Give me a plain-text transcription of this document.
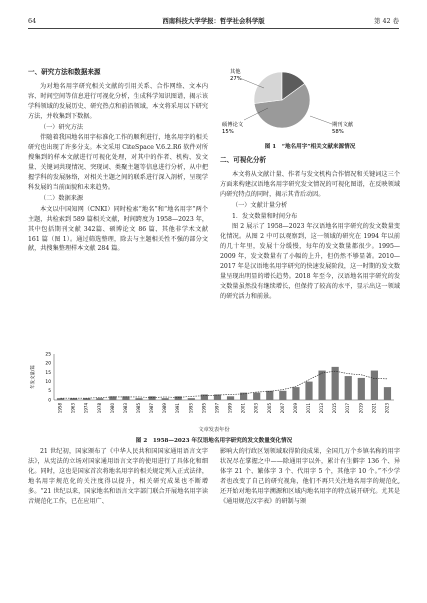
64	西南科技大学学报：哲学社会科学版	第 42 卷
一、研究方法和数据来源

为对地名用字研究相关文献的引用关系、合作网络、文本内容、时间空间等信息进行可视化分析，生成科学知识图谱，揭示该学科领域的发展历史、研究热点和前沿领域，本文将采用以下研究方法，并收集到下数据。

（一）研究方法

伴随着我国地名用字标准化工作的顺利进行，地名用字的相关研究也出现了许多分支。本文采用 CiteSpace V.6.2.R6 软件对所搜集到的样本文献进行可视化处理，对其中的作者、机构、发文量、关键词共现情况、突现词、类聚主题等信息进行分析，从中把握学科的发展脉络，对相关主题之间的联系进行深入剖析，呈现学科发展的当前面貌和未来趋势。

（二）数据来源

本文以中国知网（CNKI）同时检索“地名”和“地名用字”两个主题，共检索到 589 篇相关文献，时间跨度为 1958—2023 年，其中包括期刊文献 342篇、硕博论文 86 篇、其他非学术文献 161 篇（图 1）。通过筛选整理，除去与主题相关性不强的部分文献，共搜集整理样本文献 284 篇。

其他
27%
硕博论文
15%
期刊文献
58%
图 1　“地名用字”相关文献来源情况
二、可视化分析

本文将从文献计量、作者与发文机构合作情况和关键词这三个方面来构建汉语地名用字研究发文情况的可视化图谱，在反映领域内研究特点的同时，揭示其背后动因。

（一）文献计量分析
1．发文数量和时间分布

图 2 展示了 1958—2023 年汉语地名用字研究的发文数量变化情况。从图 2 中可以观察到，这一领域的研究在 1994 年以前的几十年里，发展十分缓慢，每年的发文数量都很少。1995—2009 年，发文数量有了小幅的上升，但仍然不够显著。2010—2017 年是汉语地名用字研究的快速发展阶段，这一时期的发文数量呈现出明显的增长趋势。2018 年至今，汉语地名用字研究的发文数量虽然没有继续增长，但保持了较高的水平，显示出这一领域的研究活力和前景。

0
5
10
15
20
25
年发文量/篇
1958 1963 1974 1978 1980 1983 1985 1987 1989 1991 1993 1995 1997 1999 2001 2003 2005 2007 2009 2011 2013 2015 2017 2019 2021 2023
文章发表年份
图 2　1958—2023 年汉语地名用字研究的发文数量变化情况

21 世纪初，国家颁布了《中华人民共和国国家通用语言文字法》，从宪法的立场对国家通用语言文字的使用进行了具体化和细化。同时，这也是国家首次将地名用字的相关规定列入正式法律，地名用字规范化的关注度得以提升，相关研究成果也不断增多。“21 世纪以来，国家地名和语言文字部门联合开展地名用字读音规范化工作，已在应用广、

影响大的行政区划领域取得阶段成果，全国几万个乡镇名称的用字状况尽在掌握之中——除通用字以外，累计有生僻字 136 个、异体字 21 个、繁体字 3 个、代用字 5 个，其他字 10 个。”不少学者也改变了自己的研究视角，他们不再只关注地名用字的规范化,还开始对地名用字溯源和区域内地名用字的特点展开研究。尤其是《通用规范汉字表》的研制与颁
